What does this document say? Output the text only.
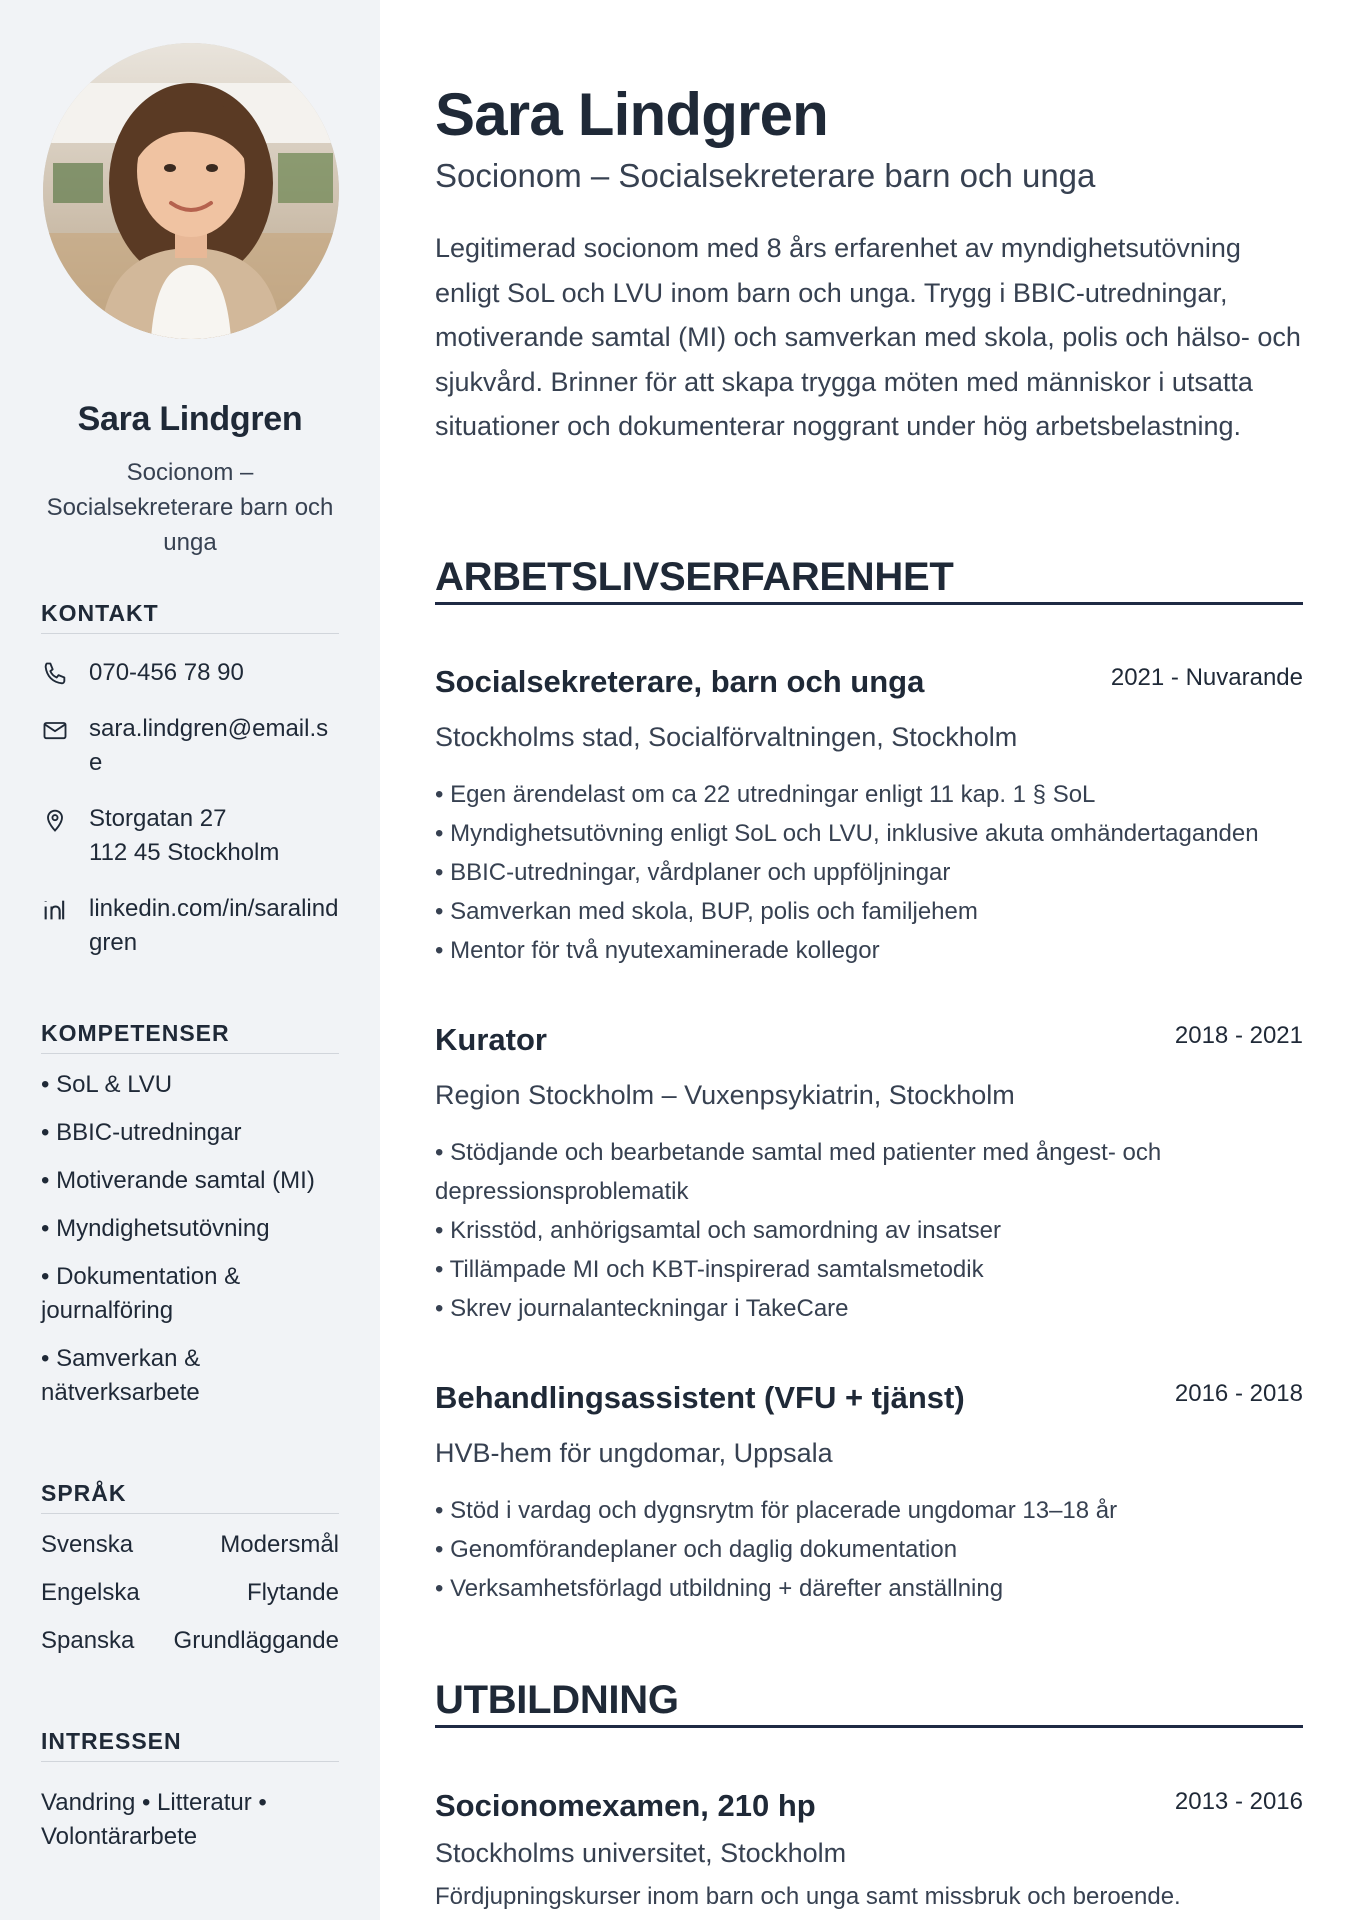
Sara Lindgren
Socionom – Socialsekreterare barn och unga
KONTAKT
070-456 78 90
sara.lindgren@email.se
Storgatan 27
112 45 Stockholm
linkedin.com/in/saralindgren
KOMPETENSER
• SoL & LVU
• BBIC-utredningar
• Motiverande samtal (MI)
• Myndighetsutövning
• Dokumentation & journalföring
• Samverkan & nätverksarbete
SPRÅK
Svenska	Modersmål
Engelska	Flytande
Spanska Grundläggande
INTRESSEN
Vandring • Litteratur • Volontärarbete
Sara Lindgren
Socionom – Socialsekreterare barn och unga

Legitimerad socionom med 8 års erfarenhet av myndighetsutövning enligt SoL och LVU inom barn och unga. Trygg i BBIC-utredningar, motiverande samtal (MI) och samverkan med skola, polis och hälso- och sjukvård. Brinner för att skapa trygga möten med människor i utsatta situationer och dokumenterar noggrant under hög arbetsbelastning.

ARBETSLIVSERFARENHET
Socialsekreterare, barn och unga	2021 - Nuvarande
Stockholms stad, Socialförvaltningen, Stockholm
• Egen ärendelast om ca 22 utredningar enligt 11 kap. 1 § SoL
• Myndighetsutövning enligt SoL och LVU, inklusive akuta omhändertaganden
• BBIC-utredningar, vårdplaner och uppföljningar
• Samverkan med skola, BUP, polis och familjehem
• Mentor för två nyutexaminerade kollegor
Kurator	2018 - 2021
Region Stockholm – Vuxenpsykiatrin, Stockholm
• Stödjande och bearbetande samtal med patienter med ångest- och depressionsproblematik
• Krisstöd, anhörigsamtal och samordning av insatser
• Tillämpade MI och KBT-inspirerad samtalsmetodik
• Skrev journalanteckningar i TakeCare
Behandlingsassistent (VFU + tjänst)	2016 - 2018
HVB-hem för ungdomar, Uppsala
• Stöd i vardag och dygnsrytm för placerade ungdomar 13–18 år
• Genomförandeplaner och daglig dokumentation
• Verksamhetsförlagd utbildning + därefter anställning
UTBILDNING
Socionomexamen, 210 hp	2013 - 2016
Stockholms universitet, Stockholm
Fördjupningskurser inom barn och unga samt missbruk och beroende.
